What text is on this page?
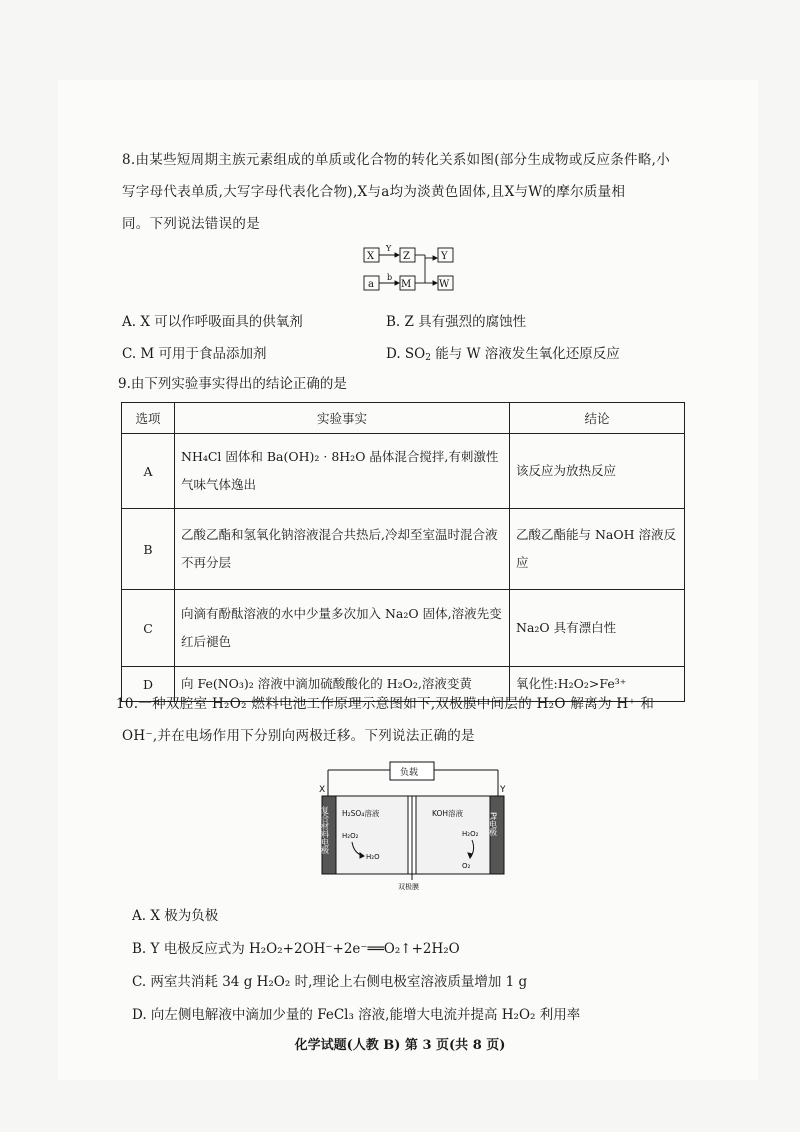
8.由某些短周期主族元素组成的单质或化合物的转化关系如图(部分生成物或反应条件略,小
写字母代表单质,大写字母代表化合物),X与a均为淡黄色固体,且X与W的摩尔质量相
同。下列说法错误的是
X	Z	Y
a	M	W
Y
b
A. X 可以作呼吸面具的供氧剂	B. Z 具有强烈的腐蚀性
C. M 可用于食品添加剂	D. $SO_2$ 能与 W 溶液发生氧化还原反应
9.由下列实验事实得出的结论正确的是
选项	实验事实	结论
A	NH₄Cl 固体和 Ba(OH)₂ · 8H₂O 晶体混合搅拌,有刺激性气味气体逸出	该反应为放热反应
B	乙酸乙酯和氢氧化钠溶液混合共热后,冷却至室温时混合液不再分层	乙酸乙酯能与 NaOH 溶液反应
C	向滴有酚酞溶液的水中少量多次加入 Na₂O 固体,溶液先变红后褪色	Na₂O 具有漂白性
D	向 Fe(NO₃)₂ 溶液中滴加硫酸酸化的 H₂O₂,溶液变黄	氧化性:H₂O₂>Fe³⁺
10.一种双腔室 H₂O₂ 燃料电池工作原理示意图如下,双极膜中间层的 H₂O 解离为 H⁺ 和
OH⁻,并在电场作用下分别向两极迁移。下列说法正确的是
负载
X	Y
H₂SO₄溶液	KOH溶液
H₂O₂
H₂O
H₂O₂
O₂
双极膜
复合材料电极	Pt电极
A. X 极为负极
B. Y 电极反应式为 H₂O₂+2OH⁻+2e⁻══O₂↑+2H₂O
C. 两室共消耗 34 g H₂O₂ 时,理论上右侧电极室溶液质量增加 1 g
D. 向左侧电解液中滴加少量的 FeCl₃ 溶液,能增大电流并提高 H₂O₂ 利用率
化学试题(人教 B) 第 3 页(共 8 页)
